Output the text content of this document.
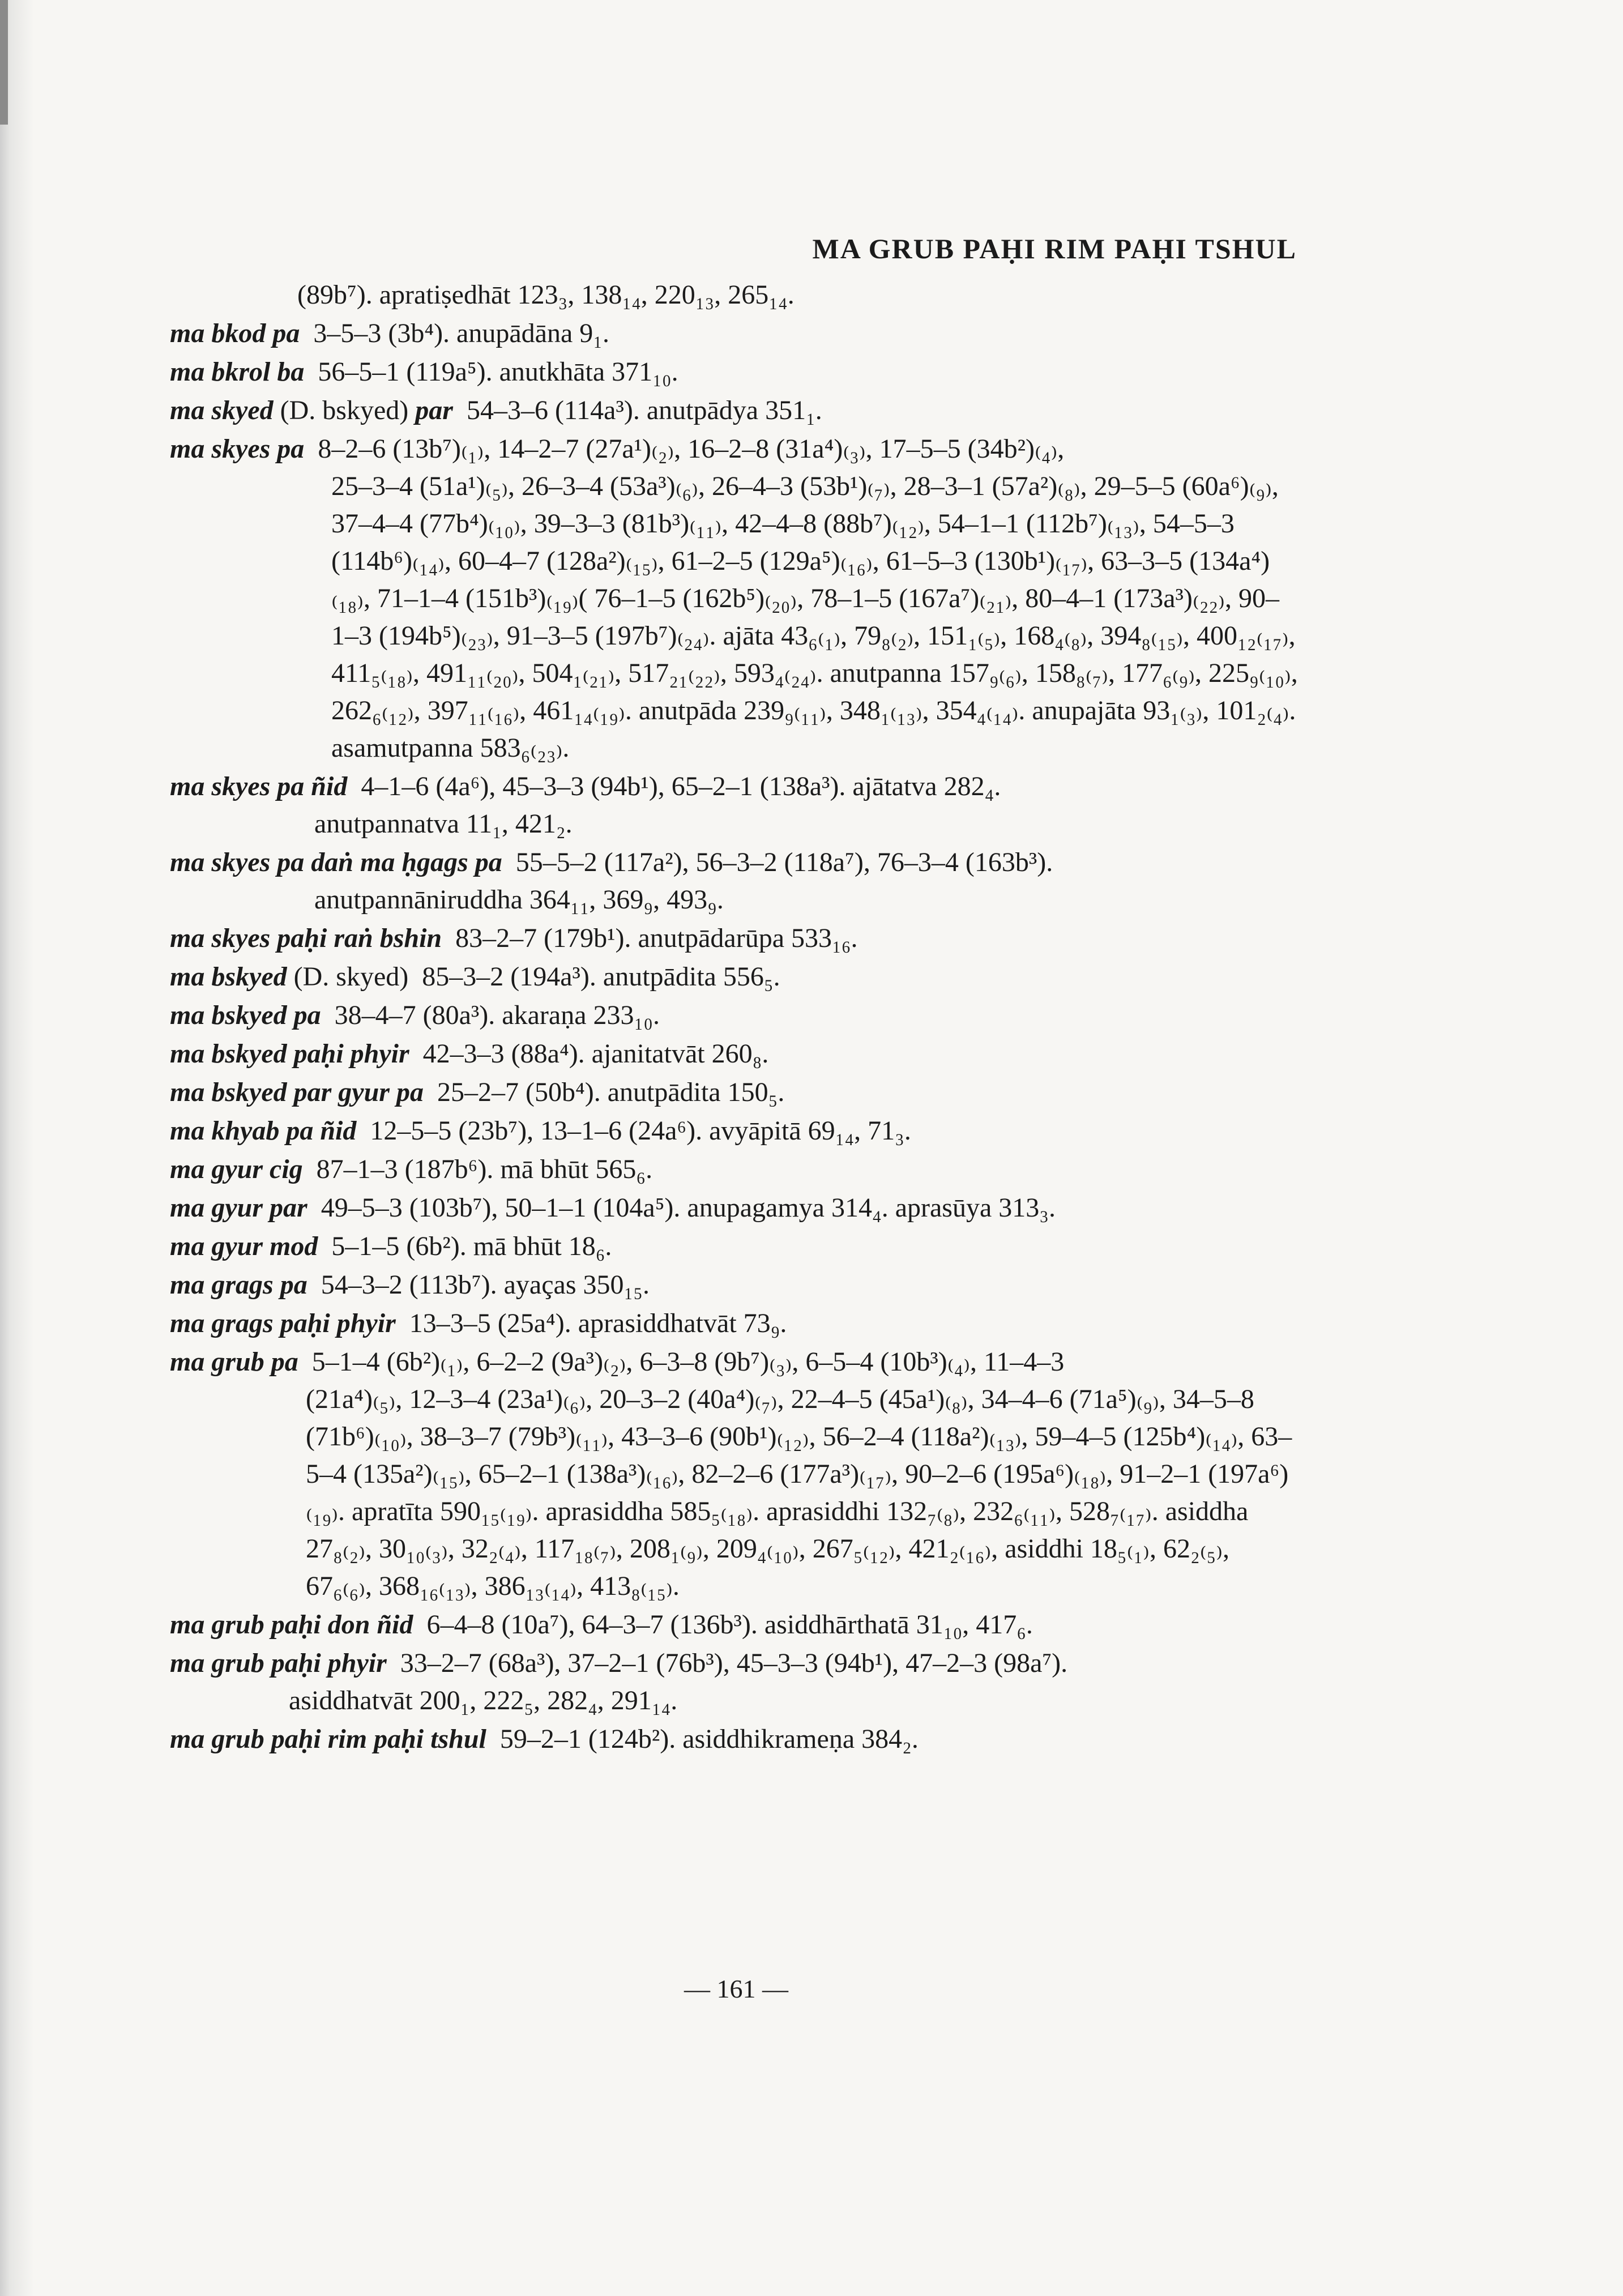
MA GRUB PAḤI RIM PAḤI TSHUL
(89b⁷). apratiṣedhāt 123₃, 138₁₄, 220₁₃, 265₁₄.
ma bkod pa 3–5–3 (3b⁴). anupādāna 9₁.
ma bkrol ba 56–5–1 (119a⁵). anutkhāta 371₁₀.
ma skyed (D. bskyed) par 54–3–6 (114a³). anutpādya 351₁.
ma skyes pa 8–2–6 (13b⁷)₍₁₎, 14–2–7 (27a¹)₍₂₎, 16–2–8 (31a⁴)₍₃₎, 17–5–5 (34b²)₍₄₎,
25–3–4 (51a¹)₍₅₎, 26–3–4 (53a³)₍₆₎, 26–4–3 (53b¹)₍₇₎, 28–3–1 (57a²)₍₈₎, 29–5–5 (60a⁶)₍₉₎, 37–4–4 (77b⁴)₍₁₀₎, 39–3–3 (81b³)₍₁₁₎, 42–4–8 (88b⁷)₍₁₂₎, 54–1–1 (112b⁷)₍₁₃₎, 54–5–3 (114b⁶)₍₁₄₎, 60–4–7 (128a²)₍₁₅₎, 61–2–5 (129a⁵)₍₁₆₎, 61–5–3 (130b¹)₍₁₇₎, 63–3–5 (134a⁴)₍₁₈₎, 71–1–4 (151b³)₍₁₉₎( 76–1–5 (162b⁵)₍₂₀₎, 78–1–5 (167a⁷)₍₂₁₎, 80–4–1 (173a³)₍₂₂₎, 90–1–3 (194b⁵)₍₂₃₎, 91–3–5 (197b⁷)₍₂₄₎. ajāta 43₆₍₁₎, 79₈₍₂₎, 151₁₍₅₎, 168₄₍₈₎, 394₈₍₁₅₎, 400₁₂₍₁₇₎, 411₅₍₁₈₎, 491₁₁₍₂₀₎, 504₁₍₂₁₎, 517₂₁₍₂₂₎, 593₄₍₂₄₎. anutpanna 157₉₍₆₎, 158₈₍₇₎, 177₆₍₉₎, 225₉₍₁₀₎, 262₆₍₁₂₎, 397₁₁₍₁₆₎, 461₁₄₍₁₉₎. anutpāda 239₉₍₁₁₎, 348₁₍₁₃₎, 354₄₍₁₄₎. anupajāta 93₁₍₃₎, 101₂₍₄₎. asamutpanna 583₆₍₂₃₎.
ma skyes pa ñid 4–1–6 (4a⁶), 45–3–3 (94b¹), 65–2–1 (138a³). ajātatva 282₄.
anutpannatva 11₁, 421₂.
ma skyes pa daṅ ma ḥgags pa 55–5–2 (117a²), 56–3–2 (118a⁷), 76–3–4 (163b³).
anutpannāniruddha 364₁₁, 369₉, 493₉.
ma skyes paḥi raṅ bshin 83–2–7 (179b¹). anutpādarūpa 533₁₆.
ma bskyed (D. skyed) 85–3–2 (194a³). anutpādita 556₅.
ma bskyed pa 38–4–7 (80a³). akaraṇa 233₁₀.
ma bskyed paḥi phyir 42–3–3 (88a⁴). ajanitatvāt 260₈.
ma bskyed par gyur pa 25–2–7 (50b⁴). anutpādita 150₅.
ma khyab pa ñid 12–5–5 (23b⁷), 13–1–6 (24a⁶). avyāpitā 69₁₄, 71₃.
ma gyur cig 87–1–3 (187b⁶). mā bhūt 565₆.
ma gyur par 49–5–3 (103b⁷), 50–1–1 (104a⁵). anupagamya 314₄. aprasūya 313₃.
ma gyur mod 5–1–5 (6b²). mā bhūt 18₆.
ma grags pa 54–3–2 (113b⁷). ayaças 350₁₅.
ma grags paḥi phyir 13–3–5 (25a⁴). aprasiddhatvāt 73₉.
ma grub pa 5–1–4 (6b²)₍₁₎, 6–2–2 (9a³)₍₂₎, 6–3–8 (9b⁷)₍₃₎, 6–5–4 (10b³)₍₄₎, 11–4–3
(21a⁴)₍₅₎, 12–3–4 (23a¹)₍₆₎, 20–3–2 (40a⁴)₍₇₎, 22–4–5 (45a¹)₍₈₎, 34–4–6 (71a⁵)₍₉₎, 34–5–8 (71b⁶)₍₁₀₎, 38–3–7 (79b³)₍₁₁₎, 43–3–6 (90b¹)₍₁₂₎, 56–2–4 (118a²)₍₁₃₎, 59–4–5 (125b⁴)₍₁₄₎, 63–5–4 (135a²)₍₁₅₎, 65–2–1 (138a³)₍₁₆₎, 82–2–6 (177a³)₍₁₇₎, 90–2–6 (195a⁶)₍₁₈₎, 91–2–1 (197a⁶)₍₁₉₎. apratīta 590₁₅₍₁₉₎. aprasiddha 585₅₍₁₈₎. aprasiddhi 132₇₍₈₎, 232₆₍₁₁₎, 528₇₍₁₇₎. asiddha 27₈₍₂₎, 30₁₀₍₃₎, 32₂₍₄₎, 117₁₈₍₇₎, 208₁₍₉₎, 209₄₍₁₀₎, 267₅₍₁₂₎, 421₂₍₁₆₎, asiddhi 18₅₍₁₎, 62₂₍₅₎, 67₆₍₆₎, 368₁₆₍₁₃₎, 386₁₃₍₁₄₎, 413₈₍₁₅₎.
ma grub paḥi don ñid 6–4–8 (10a⁷), 64–3–7 (136b³). asiddhārthatā 31₁₀, 417₆.
ma grub paḥi phyir 33–2–7 (68a³), 37–2–1 (76b³), 45–3–3 (94b¹), 47–2–3 (98a⁷).
asiddhatvāt 200₁, 222₅, 282₄, 291₁₄.
ma grub paḥi rim paḥi tshul 59–2–1 (124b²). asiddhikrameṇa 384₂.
— 161 —
